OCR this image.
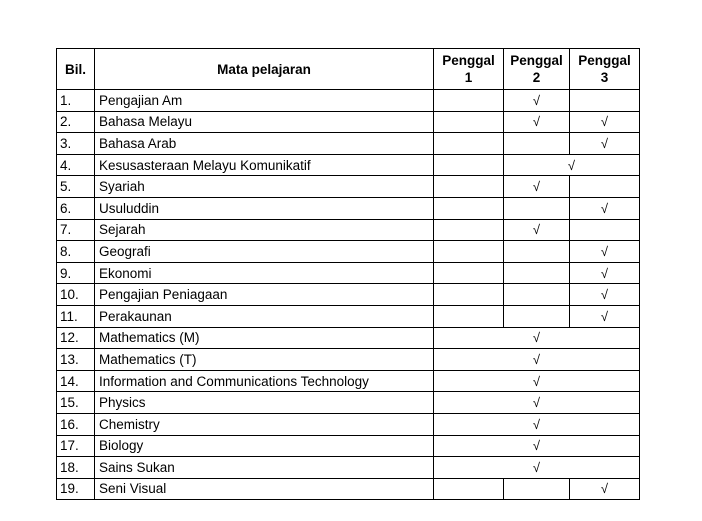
Bil.	Mata pelajaran	Penggal 1	Penggal 2	Penggal 3
1.	Pengajian Am		√	
2.	Bahasa Melayu		√	√
3.	Bahasa Arab			√
4.	Kesusasteraan Melayu Komunikatif		√	
5.	Syariah		√	
6.	Usuluddin			√
7.	Sejarah		√	
8.	Geografi			√
9.	Ekonomi			√
10.	Pengajian Peniagaan			√
11.	Perakaunan			√
12.	Mathematics (M)	√		
13.	Mathematics (T)	√		
14.	Information and Communications Technology	√		
15.	Physics	√		
16.	Chemistry	√		
17.	Biology	√		
18.	Sains Sukan	√		
19.	Seni Visual			√
